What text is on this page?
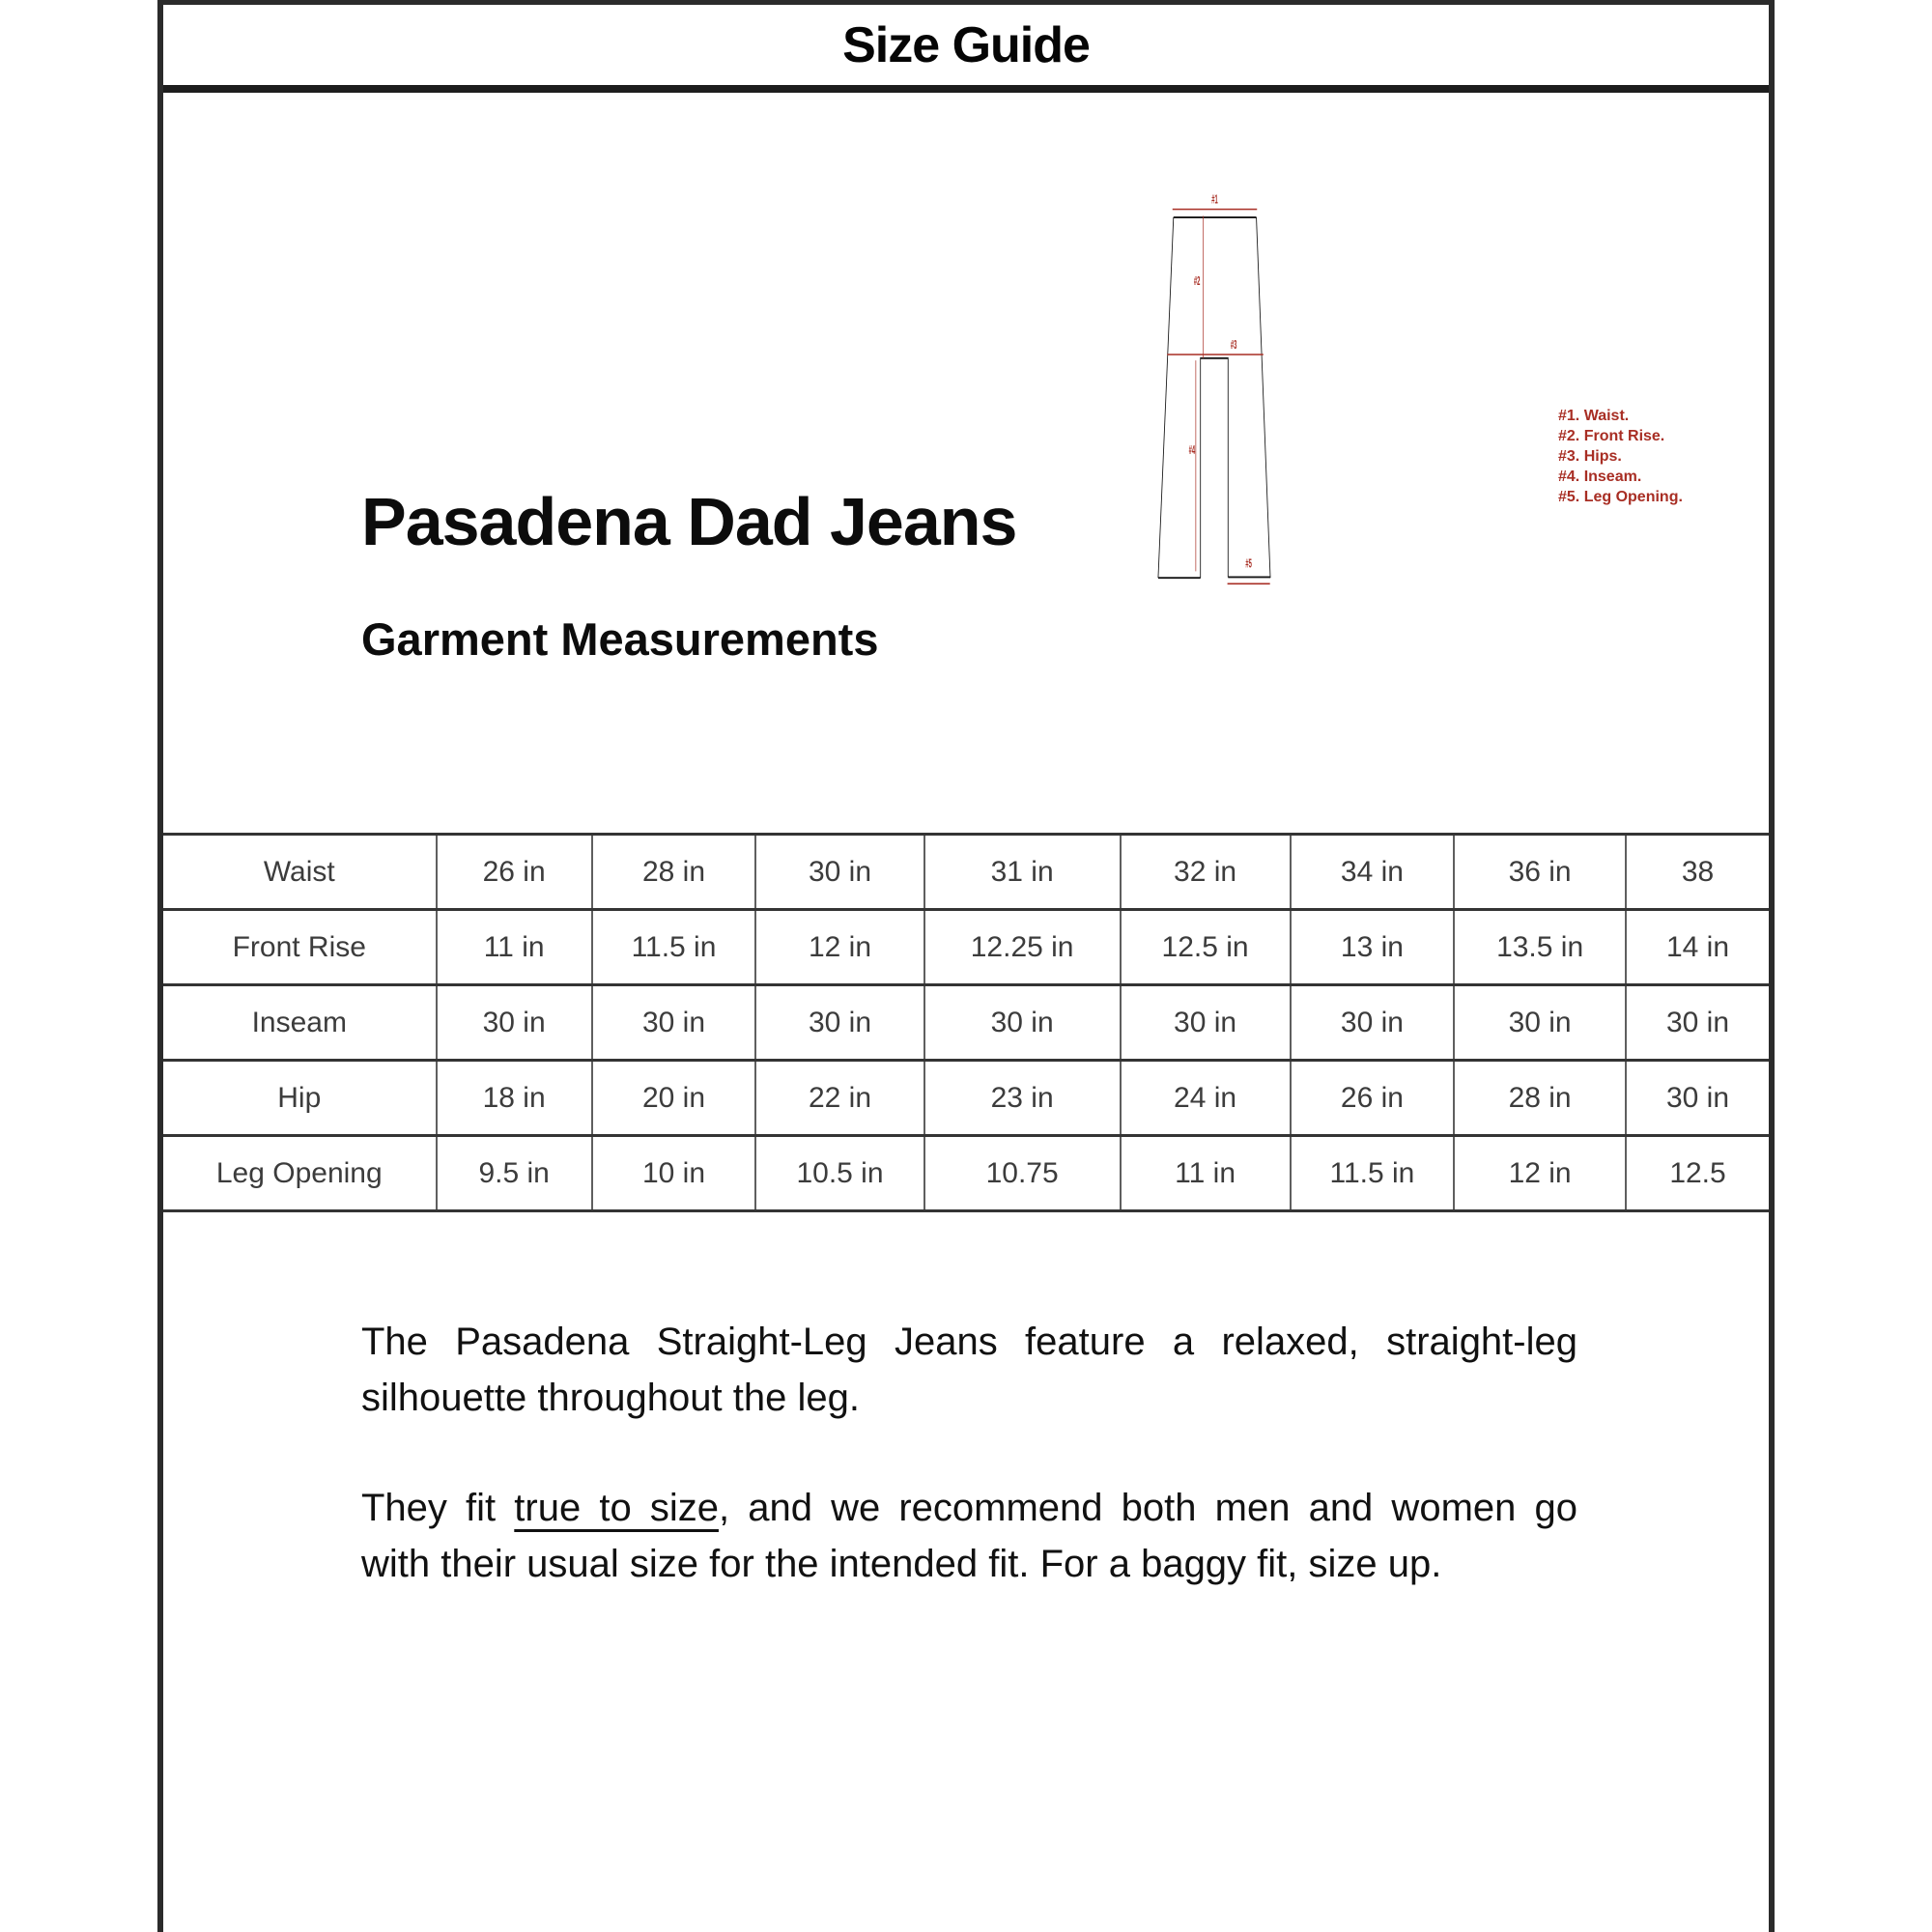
Size Guide
Pasadena Dad Jeans
Garment Measurements
#1
#2
#3
#4
#5
#1. Waist.
#2. Front Rise.
#3. Hips.
#4. Inseam.
#5. Leg Opening.
Waist	26 in	28 in	30 in	31 in	32 in	34 in	36 in	38
Front Rise	11 in	11.5 in	12 in	12.25 in	12.5 in	13 in	13.5 in	14 in
Inseam	30 in	30 in	30 in	30 in	30 in	30 in	30 in	30 in
Hip	18 in	20 in	22 in	23 in	24 in	26 in	28 in	30 in
Leg Opening	9.5 in	10 in	10.5 in	10.75	11 in	11.5 in	12 in	12.5
The Pasadena Straight-Leg Jeans feature a relaxed, straight-leg
silhouette throughout the leg.
They fit true to size, and we recommend both men and women go
with their usual size for the intended fit. For a baggy fit, size up.
